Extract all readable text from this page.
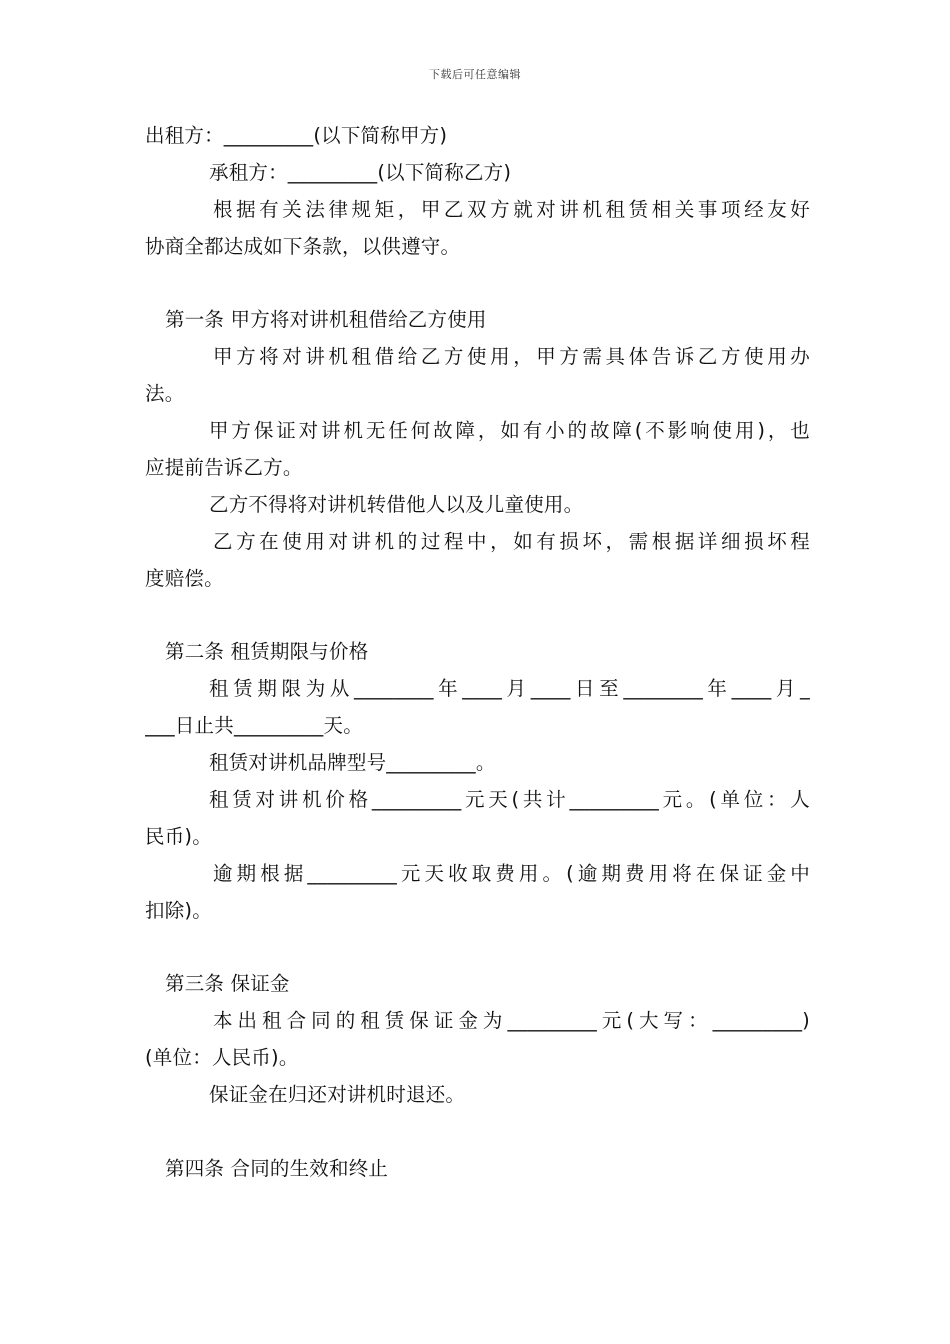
下载后可任意编辑
出租方：_________(以下简称甲方)
承租方：_________(以下简称乙方)
根据有关法律规矩，甲乙双方就对讲机租赁相关事项经友好
协商全都达成如下条款，以供遵守。
第一条 甲方将对讲机租借给乙方使用
甲方将对讲机租借给乙方使用，甲方需具体告诉乙方使用办
法。
甲方保证对讲机无任何故障，如有小的故障(不影响使用)，也
应提前告诉乙方。
乙方不得将对讲机转借他人以及儿童使用。
乙方在使用对讲机的过程中，如有损坏，需根据详细损坏程
度赔偿。
第二条 租赁期限与价格
租赁期限为从________年____月____日至________年____月_
___日止共_________天。
租赁对讲机品牌型号_________。
租赁对讲机价格_________元天(共计_________元。(单位：人
民币)。
逾期根据_________元天收取费用。(逾期费用将在保证金中
扣除)。
第三条 保证金
本出租合同的租赁保证金为_________元(大写：_________)
(单位：人民币)。
保证金在归还对讲机时退还。
第四条 合同的生效和终止
